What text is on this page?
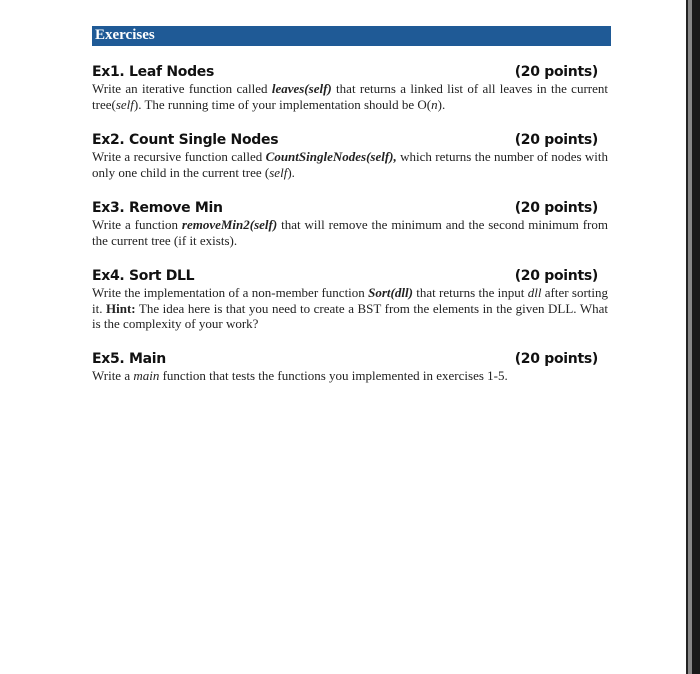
Exercises
Ex1. Leaf Nodes	(20 points)
Write an iterative function called leaves(self) that returns a linked list of all leaves in the current tree(self). The running time of your implementation should be O(n).
Ex2. Count Single Nodes	(20 points)
Write a recursive function called CountSingleNodes(self), which returns the number of nodes with only one child in the current tree (self).
Ex3. Remove Min	(20 points)
Write a function removeMin2(self) that will remove the minimum and the second minimum from the current tree (if it exists).
Ex4. Sort DLL	(20 points)
Write the implementation of a non-member function Sort(dll) that returns the input dll after sorting it. Hint: The idea here is that you need to create a BST from the elements in the given DLL. What is the complexity of your work?
Ex5. Main	(20 points)
Write a main function that tests the functions you implemented in exercises 1-5.
